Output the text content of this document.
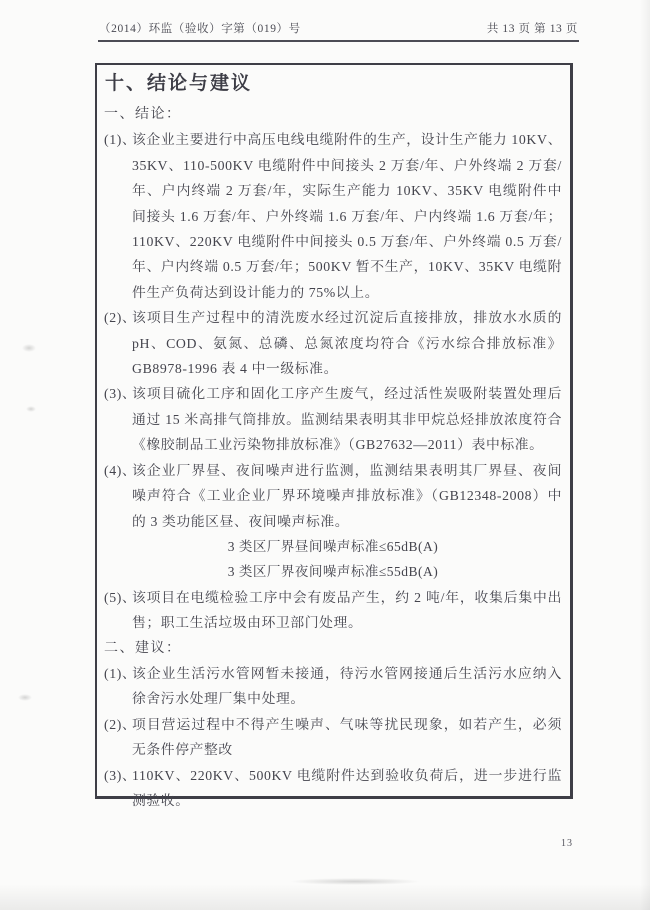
（2014）环监（验收）字第（019）号	共 13 页 第 13 页
十、结论与建议
一、结论：
(1)、
该企业主要进行中高压电线电缆附件的生产，设计生产能力 10KV、35KV、110-500KV 电缆附件中间接头 2 万套/年、户外终端 2 万套/年、户内终端 2 万套/年，实际生产能力 10KV、35KV 电缆附件中间接头 1.6 万套/年、户外终端 1.6 万套/年、户内终端 1.6 万套/年；110KV、220KV 电缆附件中间接头 0.5 万套/年、户外终端 0.5 万套/年、户内终端 0.5 万套/年；500KV 暂不生产，10KV、35KV 电缆附件生产负荷达到设计能力的 75%以上。
(2)、
该项目生产过程中的清洗废水经过沉淀后直接排放，排放水水质的 pH、COD、氨氮、总磷、总氮浓度均符合《污水综合排放标准》GB8978-1996 表 4 中一级标准。
(3)、
该项目硫化工序和固化工序产生废气，经过活性炭吸附装置处理后通过 15 米高排气筒排放。监测结果表明其非甲烷总烃排放浓度符合《橡胶制品工业污染物排放标准》（GB27632—2011）表中标准。
(4)、
该企业厂界昼、夜间噪声进行监测，监测结果表明其厂界昼、夜间噪声符合《工业企业厂界环境噪声排放标准》（GB12348-2008）中的 3 类功能区昼、夜间噪声标准。
3 类区厂界昼间噪声标准≤65dB(A)
3 类区厂界夜间噪声标准≤55dB(A)
(5)、
该项目在电缆检验工序中会有废品产生，约 2 吨/年，收集后集中出售；职工生活垃圾由环卫部门处理。
二、建议：
(1)、
该企业生活污水管网暂未接通，待污水管网接通后生活污水应纳入徐舍污水处理厂集中处理。
(2)、
项目营运过程中不得产生噪声、气味等扰民现象，如若产生，必须无条件停产整改
(3)、
110KV、220KV、500KV 电缆附件达到验收负荷后，进一步进行监测验收。
13
